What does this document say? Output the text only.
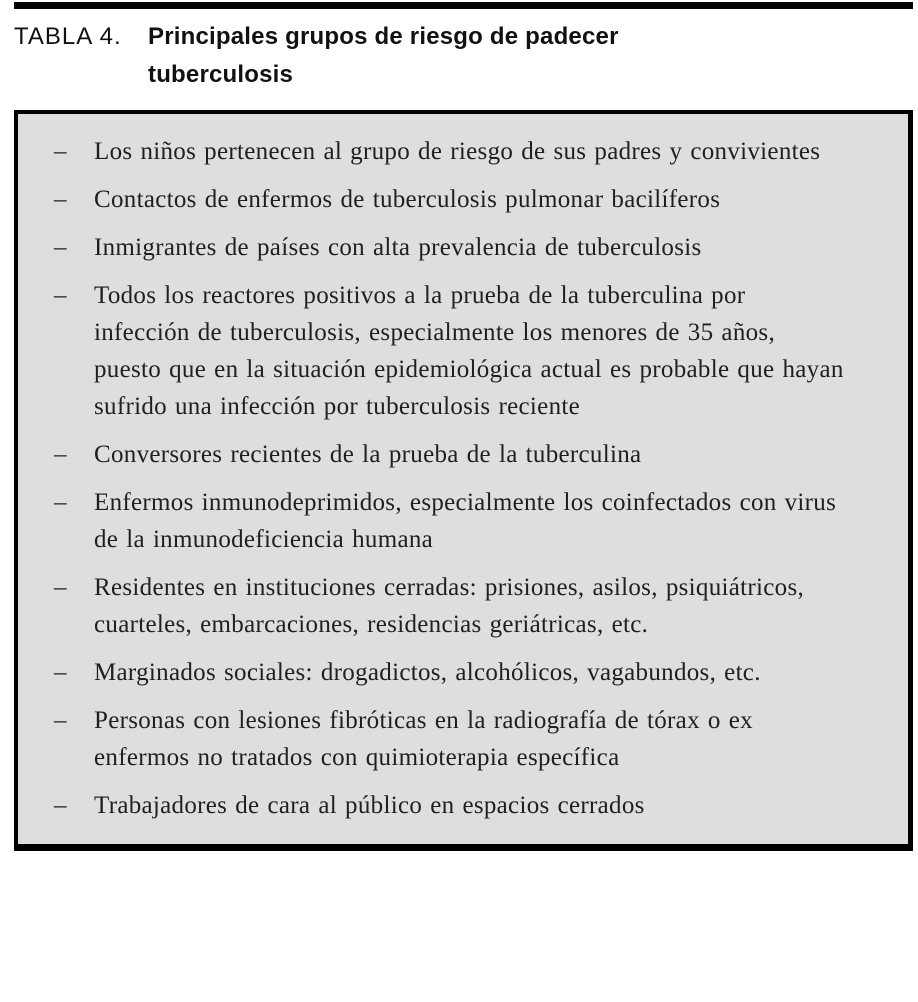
TABLA 4.	Principales grupos de riesgo de padecer
tuberculosis
–	Los niños pertenecen al grupo de riesgo de sus padres y convivientes
–	Contactos de enfermos de tuberculosis pulmonar bacilíferos
–	Inmigrantes de países con alta prevalencia de tuberculosis
–	Todos los reactores positivos a la prueba de la tuberculina por infección de tuberculosis, especialmente los menores de 35 años, puesto que en la situación epidemiológica actual es probable que hayan sufrido una infección por tuberculosis reciente
–	Conversores recientes de la prueba de la tuberculina
–	Enfermos inmunodeprimidos, especialmente los coinfectados con virus de la inmunodeficiencia humana
–	Residentes en instituciones cerradas: prisiones, asilos, psiquiátricos, cuarteles, embarcaciones, residencias geriátricas, etc.
–	Marginados sociales: drogadictos, alcohólicos, vagabundos, etc.
–	Personas con lesiones fibróticas en la radiografía de tórax o ex enfermos no tratados con quimioterapia específica
–	Trabajadores de cara al público en espacios cerrados
